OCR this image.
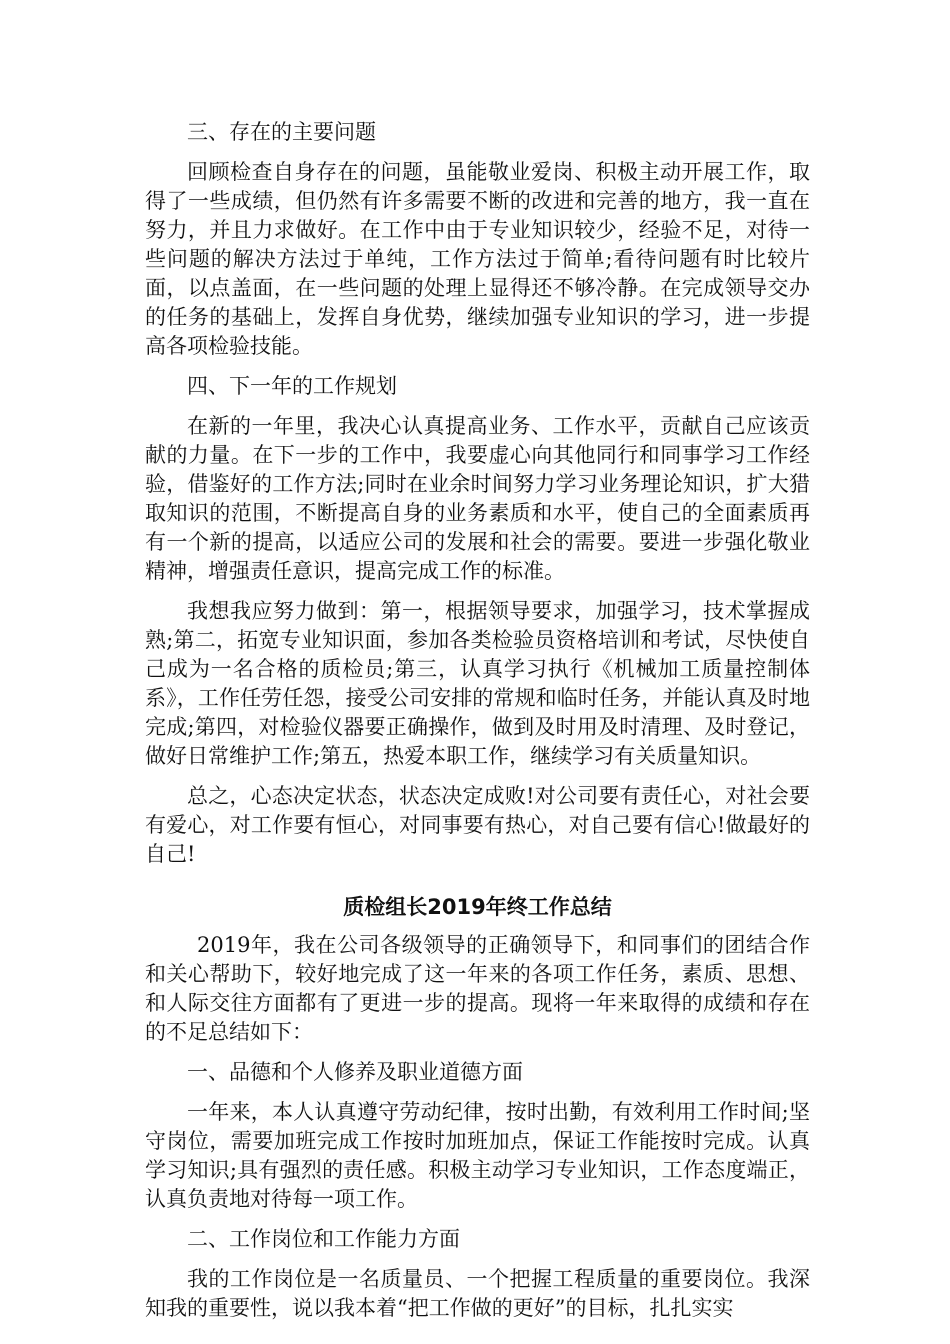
三、存在的主要问题

回顾检查自身存在的问题，虽能敬业爱岗、积极主动开展工作，取得了一些成绩，但仍然有许多需要不断的改进和完善的地方，我一直在努力，并且力求做好。在工作中由于专业知识较少，经验不足，对待一些问题的解决方法过于单纯，工作方法过于简单;看待问题有时比较片面，以点盖面，在一些问题的处理上显得还不够冷静。在完成领导交办的任务的基础上，发挥自身优势，继续加强专业知识的学习，进一步提高各项检验技能。

四、下一年的工作规划

在新的一年里，我决心认真提高业务、工作水平，贡献自己应该贡献的力量。在下一步的工作中，我要虚心向其他同行和同事学习工作经验，借鉴好的工作方法;同时在业余时间努力学习业务理论知识，扩大猎取知识的范围，不断提高自身的业务素质和水平，使自己的全面素质再有一个新的提高，以适应公司的发展和社会的需要。要进一步强化敬业精神，增强责任意识，提高完成工作的标准。

我想我应努力做到：第一，根据领导要求，加强学习，技术掌握成熟;第二，拓宽专业知识面，参加各类检验员资格培训和考试，尽快使自己成为一名合格的质检员;第三，认真学习执行《机械加工质量控制体系》，工作任劳任怨，接受公司安排的常规和临时任务，并能认真及时地完成;第四，对检验仪器要正确操作，做到及时用及时清理、及时登记，做好日常维护工作;第五，热爱本职工作，继续学习有关质量知识。

总之，心态决定状态，状态决定成败!对公司要有责任心，对社会要有爱心，对工作要有恒心，对同事要有热心，对自己要有信心!做最好的自己!

质检组长2019年终工作总结

2019年，我在公司各级领导的正确领导下，和同事们的团结合作和关心帮助下，较好地完成了这一年来的各项工作任务，素质、思想、和人际交往方面都有了更进一步的提高。现将一年来取得的成绩和存在的不足总结如下：

一、品德和个人修养及职业道德方面

一年来，本人认真遵守劳动纪律，按时出勤，有效利用工作时间;坚守岗位，需要加班完成工作按时加班加点，保证工作能按时完成。认真学习知识;具有强烈的责任感。积极主动学习专业知识，工作态度端正，认真负责地对待每一项工作。

二、工作岗位和工作能力方面

我的工作岗位是一名质量员、一个把握工程质量的重要岗位。我深知我的重要性，说以我本着“把工作做的更好”的目标，扎扎实实
